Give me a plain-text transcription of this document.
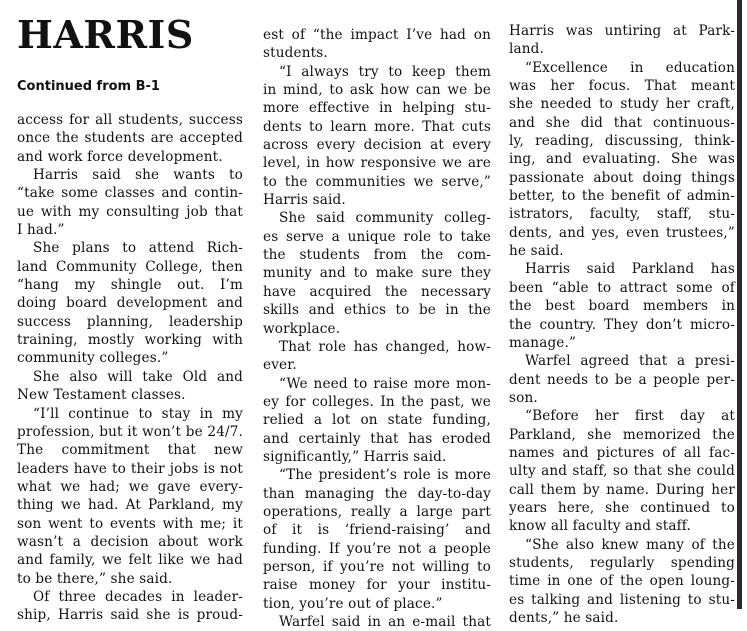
HARRIS
Continued from B-1
access for all students, success
once the students are accepted
and work force development.
Harris said she wants to
“take some classes and contin-
ue with my consulting job that
I had.”
She plans to attend Rich-
land Community College, then
“hang my shingle out. I’m
doing board development and
success planning, leadership
training, mostly working with
community colleges.”
She also will take Old and
New Testament classes.
“I’ll continue to stay in my
profession, but it won’t be 24/7.
The commitment that new
leaders have to their jobs is not
what we had; we gave every-
thing we had. At Parkland, my
son went to events with me; it
wasn’t a decision about work
and family, we felt like we had
to be there,” she said.
Of three decades in leader-
ship, Harris said she is proud-
est of “the impact I’ve had on
students.
“I always try to keep them
in mind, to ask how can we be
more effective in helping stu-
dents to learn more. That cuts
across every decision at every
level, in how responsive we are
to the communities we serve,”
Harris said.
She said community colleg-
es serve a unique role to take
the students from the com-
munity and to make sure they
have acquired the necessary
skills and ethics to be in the
workplace.
That role has changed, how-
ever.
“We need to raise more mon-
ey for colleges. In the past, we
relied a lot on state funding,
and certainly that has eroded
significantly,” Harris said.
“The president’s role is more
than managing the day-to-day
operations, really a large part
of it is ‘friend-raising’ and
funding. If you’re not a people
person, if you’re not willing to
raise money for your institu-
tion, you’re out of place.”
Warfel said in an e-mail that
Harris was untiring at Park-
land.
“Excellence in education
was her focus. That meant
she needed to study her craft,
and she did that continuous-
ly, reading, discussing, think-
ing, and evaluating. She was
passionate about doing things
better, to the benefit of admin-
istrators, faculty, staff, stu-
dents, and yes, even trustees,”
he said.
Harris said Parkland has
been “able to attract some of
the best board members in
the country. They don’t micro-
manage.”
Warfel agreed that a presi-
dent needs to be a people per-
son.
“Before her first day at
Parkland, she memorized the
names and pictures of all fac-
ulty and staff, so that she could
call them by name. During her
years here, she continued to
know all faculty and staff.
“She also knew many of the
students, regularly spending
time in one of the open loung-
es talking and listening to stu-
dents,” he said.
